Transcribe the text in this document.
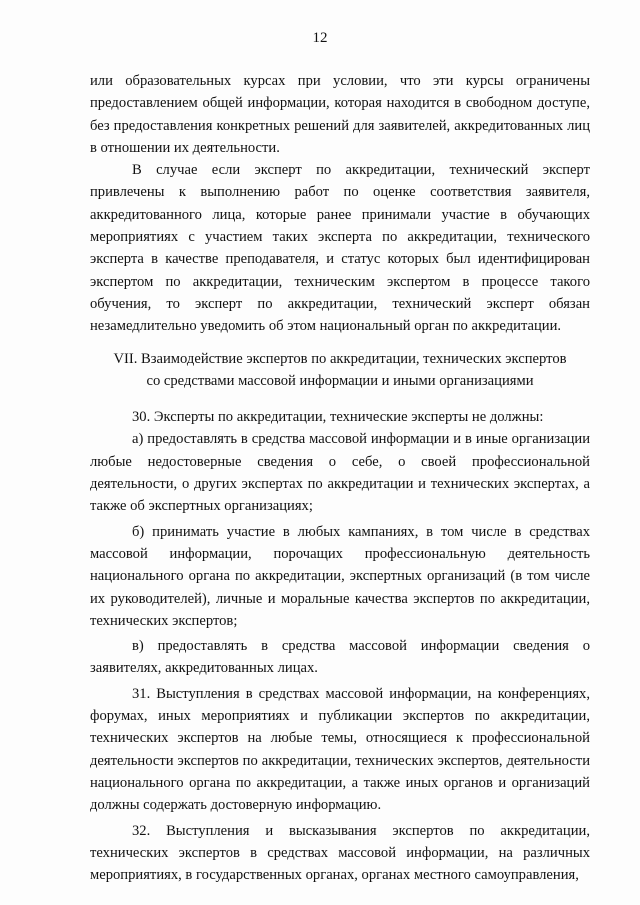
12

или образовательных курсах при условии, что эти курсы ограничены предоставлением общей информации, которая находится в свободном доступе, без предоставления конкретных решений для заявителей, аккредитованных лиц в отношении их деятельности.

В случае если эксперт по аккредитации, технический эксперт привлечены к выполнению работ по оценке соответствия заявителя, аккредитованного лица, которые ранее принимали участие в обучающих мероприятиях с участием таких эксперта по аккредитации, технического эксперта в качестве преподавателя, и статус которых был идентифицирован экспертом по аккредитации, техническим экспертом в процессе такого обучения, то эксперт по аккредитации, технический эксперт обязан незамедлительно уведомить об этом национальный орган по аккредитации.

VII. Взаимодействие экспертов по аккредитации, технических экспертов
со средствами массовой информации и иными организациями

30. Эксперты по аккредитации, технические эксперты не должны:

а) предоставлять в средства массовой информации и в иные организации любые недостоверные сведения о себе, о своей профессиональной деятельности, о других экспертах по аккредитации и технических экспертах, а также об экспертных организациях;

б) принимать участие в любых кампаниях, в том числе в средствах массовой информации, порочащих профессиональную деятельность национального органа по аккредитации, экспертных организаций (в том числе их руководителей), личные и моральные качества экспертов по аккредитации, технических экспертов;

в) предоставлять в средства массовой информации сведения о заявителях, аккредитованных лицах.

31. Выступления в средствах массовой информации, на конференциях, форумах, иных мероприятиях и публикации экспертов по аккредитации, технических экспертов на любые темы, относящиеся к профессиональной деятельности экспертов по аккредитации, технических экспертов, деятельности национального органа по аккредитации, а также иных органов и организаций должны содержать достоверную информацию.

32. Выступления и высказывания экспертов по аккредитации, технических экспертов в средствах массовой информации, на различных мероприятиях, в государственных органах, органах местного самоуправления,
